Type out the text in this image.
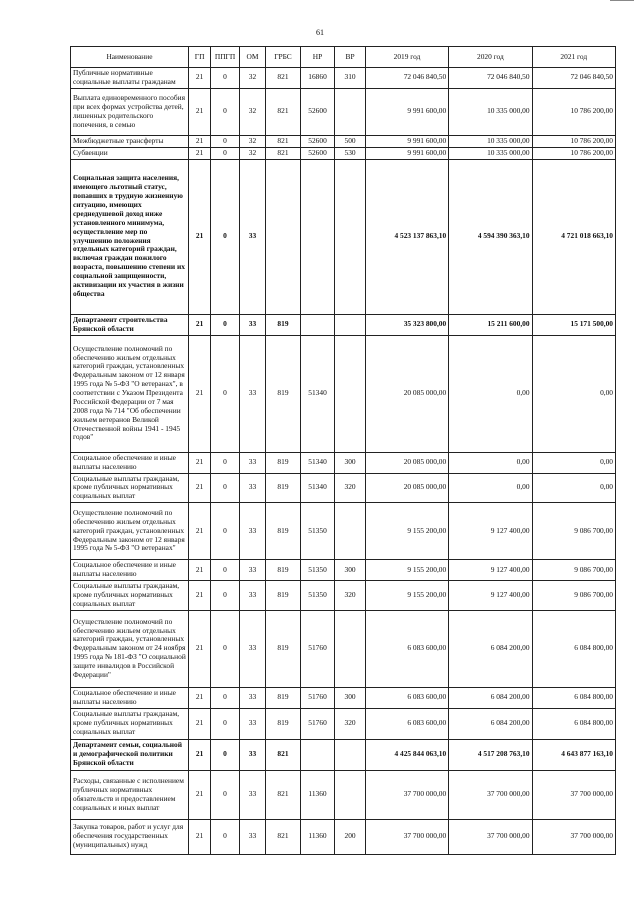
61
Наименование	ГП	ППГП	ОМ	ГРБС	НР	ВР	2019 год	2020 год	2021 год
Публичные нормативные социальные выплаты гражданам	21	0	32	821	16860	310	72 046 840,50	72 046 840,50	72 046 840,50
Выплата единовременного пособия при всех формах устройства детей, лишенных родительского попечения, в семью	21	0	32	821	52600		9 991 600,00	10 335 000,00	10 786 200,00
Межбюджетные трансферты	21	0	32	821	52600	500	9 991 600,00	10 335 000,00	10 786 200,00
Субвенции	21	0	32	821	52600	530	9 991 600,00	10 335 000,00	10 786 200,00
Социальная защита населения, имеющего льготный статус, попавших в трудную жизненную ситуацию, имеющих среднедушевой доход ниже установленного минимума, осуществление мер по улучшению положения отдельных категорий граждан, включая граждан пожилого возраста, повышению степени их социальной защищенности, активизации их участия в жизни общества	21	0	33				4 523 137 863,10	4 594 390 363,10	4 721 018 663,10
Департамент строительства Брянской области	21	0	33	819			35 323 800,00	15 211 600,00	15 171 500,00
Осуществление полномочий по обеспечению жильем отдельных категорий граждан, установленных Федеральным законом от 12 января 1995 года № 5-ФЗ "О ветеранах", в соответствии с Указом Президента Российской Федерации от 7 мая 2008 года № 714 "Об обеспечении жильем ветеранов Великой Отечественной войны 1941 - 1945 годов"	21	0	33	819	51340		20 085 000,00	0,00	0,00
Социальное обеспечение и иные выплаты населению	21	0	33	819	51340	300	20 085 000,00	0,00	0,00
Социальные выплаты гражданам, кроме публичных нормативных социальных выплат	21	0	33	819	51340	320	20 085 000,00	0,00	0,00
Осуществление полномочий по обеспечению жильем отдельных категорий граждан, установленных Федеральным законом от 12 января 1995 года № 5-ФЗ "О ветеранах"	21	0	33	819	51350		9 155 200,00	9 127 400,00	9 086 700,00
Социальное обеспечение и иные выплаты населению	21	0	33	819	51350	300	9 155 200,00	9 127 400,00	9 086 700,00
Социальные выплаты гражданам, кроме публичных нормативных социальных выплат	21	0	33	819	51350	320	9 155 200,00	9 127 400,00	9 086 700,00
Осуществление полномочий по обеспечению жильем отдельных категорий граждан, установленных Федеральным законом от 24 ноября 1995 года № 181-ФЗ "О социальной защите инвалидов в Российской Федерации"	21	0	33	819	51760		6 083 600,00	6 084 200,00	6 084 800,00
Социальное обеспечение и иные выплаты населению	21	0	33	819	51760	300	6 083 600,00	6 084 200,00	6 084 800,00
Социальные выплаты гражданам, кроме публичных нормативных социальных выплат	21	0	33	819	51760	320	6 083 600,00	6 084 200,00	6 084 800,00
Департамент семьи, социальной и демографической политики Брянской области	21	0	33	821			4 425 844 063,10	4 517 208 763,10	4 643 877 163,10
Расходы, связанные с исполнением публичных нормативных обязательств и предоставлением социальных и иных выплат	21	0	33	821	11360		37 700 000,00	37 700 000,00	37 700 000,00
Закупка товаров, работ и услуг для обеспечения государственных (муниципальных) нужд	21	0	33	821	11360	200	37 700 000,00	37 700 000,00	37 700 000,00
